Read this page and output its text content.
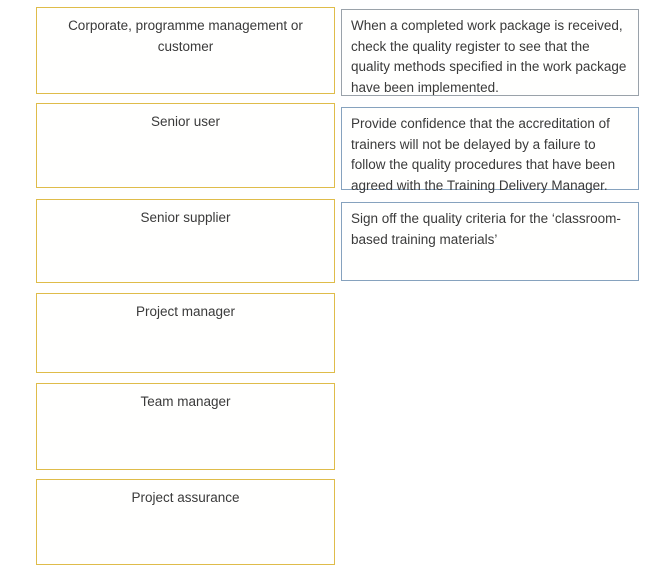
Corporate, programme management or customer
Senior user
Senior supplier
Project manager
Team manager
Project assurance
When a completed work package is received, check the quality register to see that the quality methods specified in the work package have been implemented.
Provide confidence that the accreditation of trainers will not be delayed by a failure to follow the quality procedures that have been agreed with the Training Delivery Manager.
Sign off the quality criteria for the ‘classroom-based training materials’
